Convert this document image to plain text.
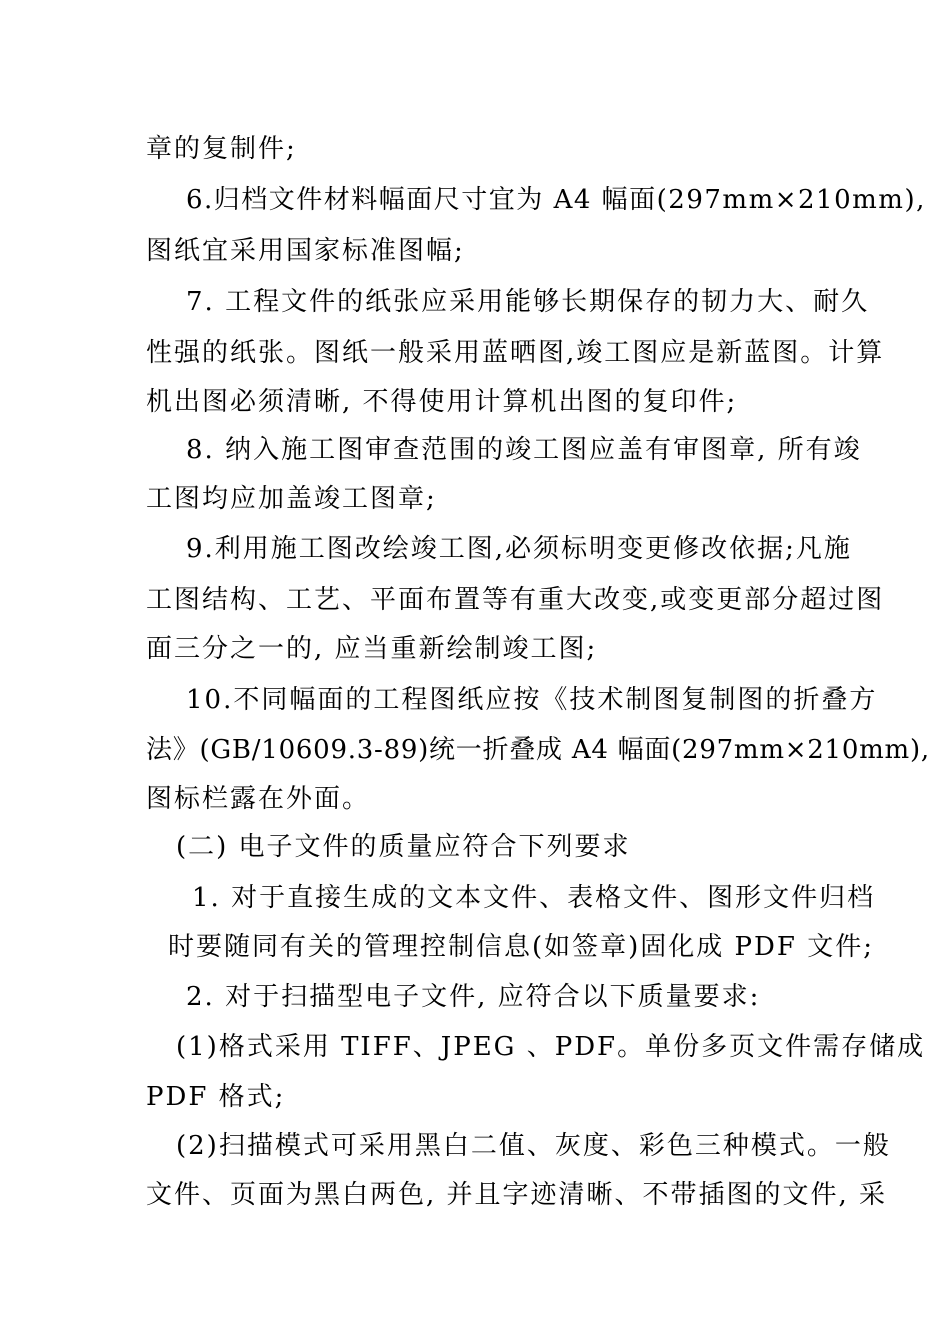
章的复制件;
6.归档文件材料幅面尺寸宜为 A4 幅面(297mm×210mm),
图纸宜采用国家标准图幅;
7. 工程文件的纸张应采用能够长期保存的韧力大、耐久
性强的纸张。图纸一般采用蓝晒图,竣工图应是新蓝图。计算
机出图必须清晰, 不得使用计算机出图的复印件;
8. 纳入施工图审查范围的竣工图应盖有审图章, 所有竣
工图均应加盖竣工图章;
9.利用施工图改绘竣工图,必须标明变更修改依据;凡施
工图结构、工艺、平面布置等有重大改变,或变更部分超过图
面三分之一的, 应当重新绘制竣工图;
10.不同幅面的工程图纸应按《技术制图复制图的折叠方
法》(GB/10609.3-89)统一折叠成 A4 幅面(297mm×210mm),
图标栏露在外面。
(二) 电子文件的质量应符合下列要求
1. 对于直接生成的文本文件、表格文件、图形文件归档
时要随同有关的管理控制信息(如签章)固化成 PDF 文件;
2. 对于扫描型电子文件, 应符合以下质量要求:
(1)格式采用 TIFF、JPEG 、PDF。单份多页文件需存储成
PDF 格式;
(2)扫描模式可采用黑白二值、灰度、彩色三种模式。一般
文件、页面为黑白两色, 并且字迹清晰、不带插图的文件, 采
